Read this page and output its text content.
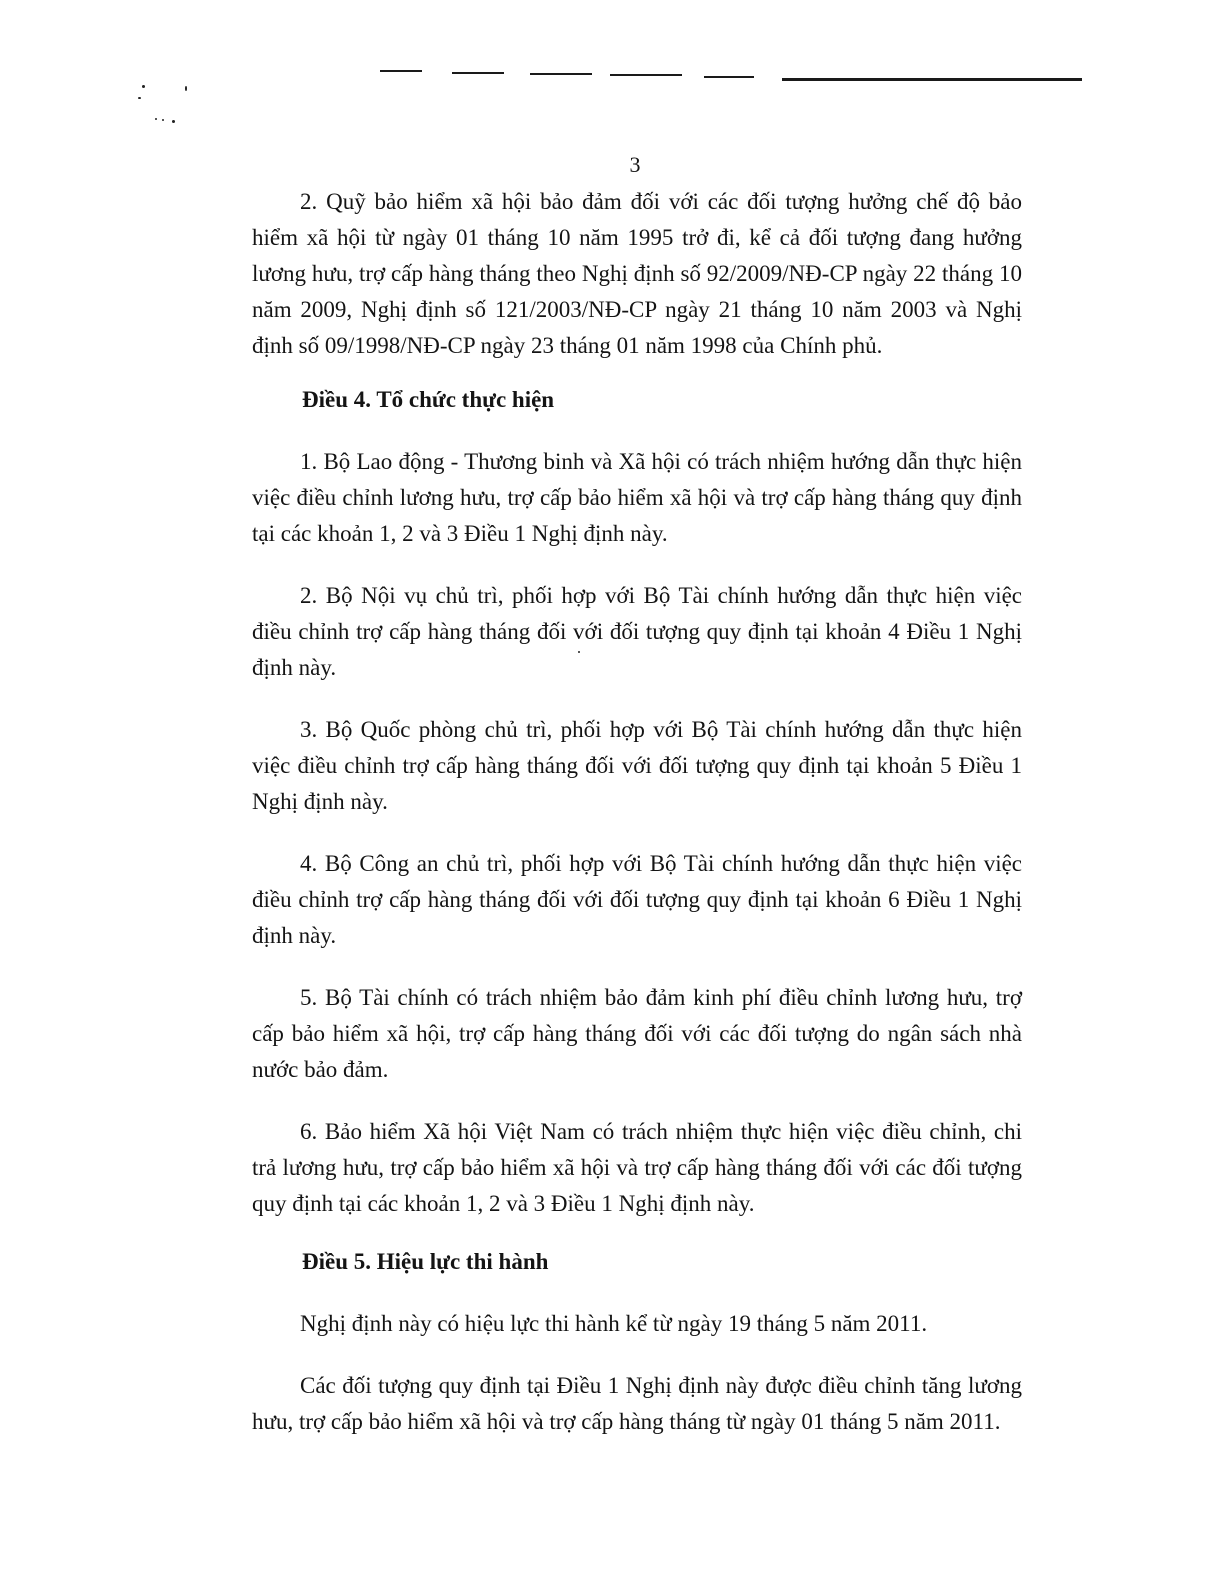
3

2. Quỹ bảo hiểm xã hội bảo đảm đối với các đối tượng hưởng chế độ bảo hiểm xã hội từ ngày 01 tháng 10 năm 1995 trở đi, kể cả đối tượng đang hưởng lương hưu, trợ cấp hàng tháng theo Nghị định số 92/2009/NĐ-CP ngày 22 tháng 10 năm 2009, Nghị định số 121/2003/NĐ-CP ngày 21 tháng 10 năm 2003 và Nghị định số 09/1998/NĐ-CP ngày 23 tháng 01 năm 1998 của Chính phủ.

Điều 4. Tổ chức thực hiện

1. Bộ Lao động - Thương binh và Xã hội có trách nhiệm hướng dẫn thực hiện việc điều chỉnh lương hưu, trợ cấp bảo hiểm xã hội và trợ cấp hàng tháng quy định tại các khoản 1, 2 và 3 Điều 1 Nghị định này.

2. Bộ Nội vụ chủ trì, phối hợp với Bộ Tài chính hướng dẫn thực hiện việc điều chỉnh trợ cấp hàng tháng đối với đối tượng quy định tại khoản 4 Điều 1 Nghị định này.

3. Bộ Quốc phòng chủ trì, phối hợp với Bộ Tài chính hướng dẫn thực hiện việc điều chỉnh trợ cấp hàng tháng đối với đối tượng quy định tại khoản 5 Điều 1 Nghị định này.

4. Bộ Công an chủ trì, phối hợp với Bộ Tài chính hướng dẫn thực hiện việc điều chỉnh trợ cấp hàng tháng đối với đối tượng quy định tại khoản 6 Điều 1 Nghị định này.

5. Bộ Tài chính có trách nhiệm bảo đảm kinh phí điều chỉnh lương hưu, trợ cấp bảo hiểm xã hội, trợ cấp hàng tháng đối với các đối tượng do ngân sách nhà nước bảo đảm.

6. Bảo hiểm Xã hội Việt Nam có trách nhiệm thực hiện việc điều chỉnh, chi trả lương hưu, trợ cấp bảo hiểm xã hội và trợ cấp hàng tháng đối với các đối tượng quy định tại các khoản 1, 2 và 3 Điều 1 Nghị định này.

Điều 5. Hiệu lực thi hành

Nghị định này có hiệu lực thi hành kể từ ngày 19 tháng 5 năm 2011.

Các đối tượng quy định tại Điều 1 Nghị định này được điều chỉnh tăng lương hưu, trợ cấp bảo hiểm xã hội và trợ cấp hàng tháng từ ngày 01 tháng 5 năm 2011.
